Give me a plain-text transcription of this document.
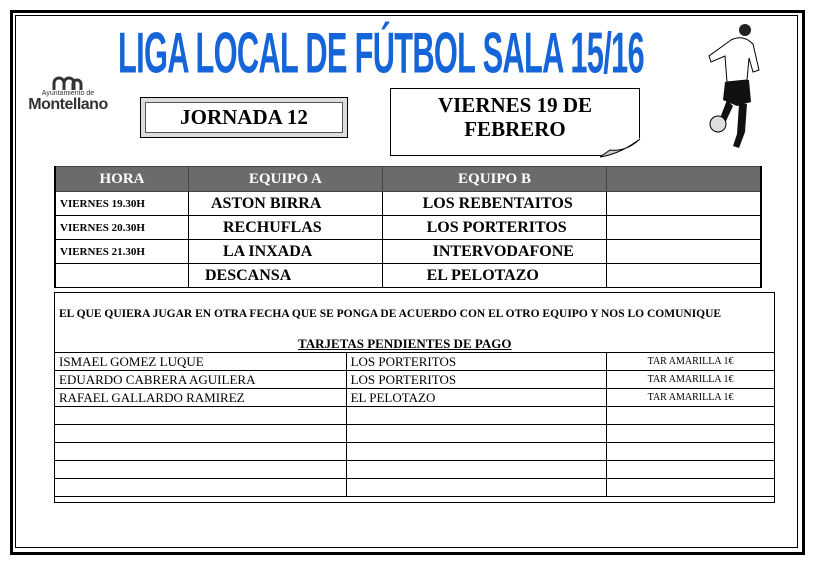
LIGA LOCAL DE FÚTBOL SALA 15/16
Ayuntamiento de
Montellano
JORNADA 12	VIERNES 19 DE
FEBRERO
HORA	EQUIPO A	EQUIPO B	
VIERNES 19.30H	ASTON BIRRA	LOS REBENTAITOS	
VIERNES 20.30H	RECHUFLAS	LOS PORTERITOS	
VIERNES 21.30H	LA INXADA	INTERVODAFONE	
	DESCANSA	EL PELOTAZO	
EL QUE QUIERA JUGAR EN OTRA FECHA QUE SE PONGA DE ACUERDO CON EL OTRO EQUIPO Y NOS LO COMUNIQUE
TARJETAS PENDIENTES DE PAGO
ISMAEL GOMEZ LUQUE	LOS PORTERITOS	TAR AMARILLA 1€
EDUARDO CABRERA AGUILERA	LOS PORTERITOS	TAR AMARILLA 1€
RAFAEL GALLARDO RAMIREZ	EL PELOTAZO	TAR AMARILLA 1€
